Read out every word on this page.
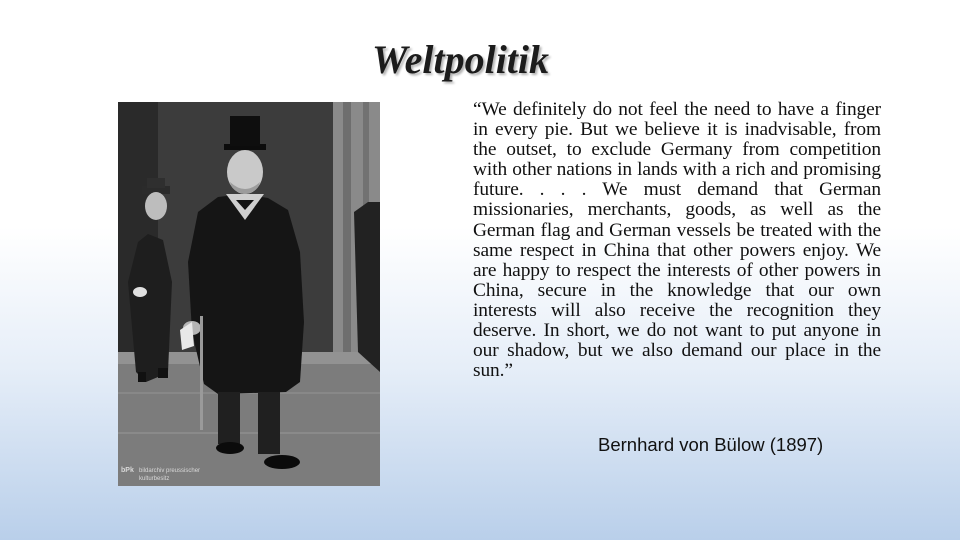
Weltpolitik
bPk bildarchiv preussischer kulturbesitz

“We definitely do not feel the need to have a finger in every pie. But we believe it is inadvisable, from the outset, to exclude Germany from competition with other nations in lands with a rich and promising future. . . . We must demand that German missionaries, merchants, goods, as well as the German flag and German vessels be treated with the same respect in China that other powers enjoy. We are happy to respect the interests of other powers in China, secure in the knowledge that our own interests will also receive the recognition they deserve. In short, we do not want to put anyone in our shadow, but we also demand our place in the sun.”

Bernhard von Bülow (1897)
